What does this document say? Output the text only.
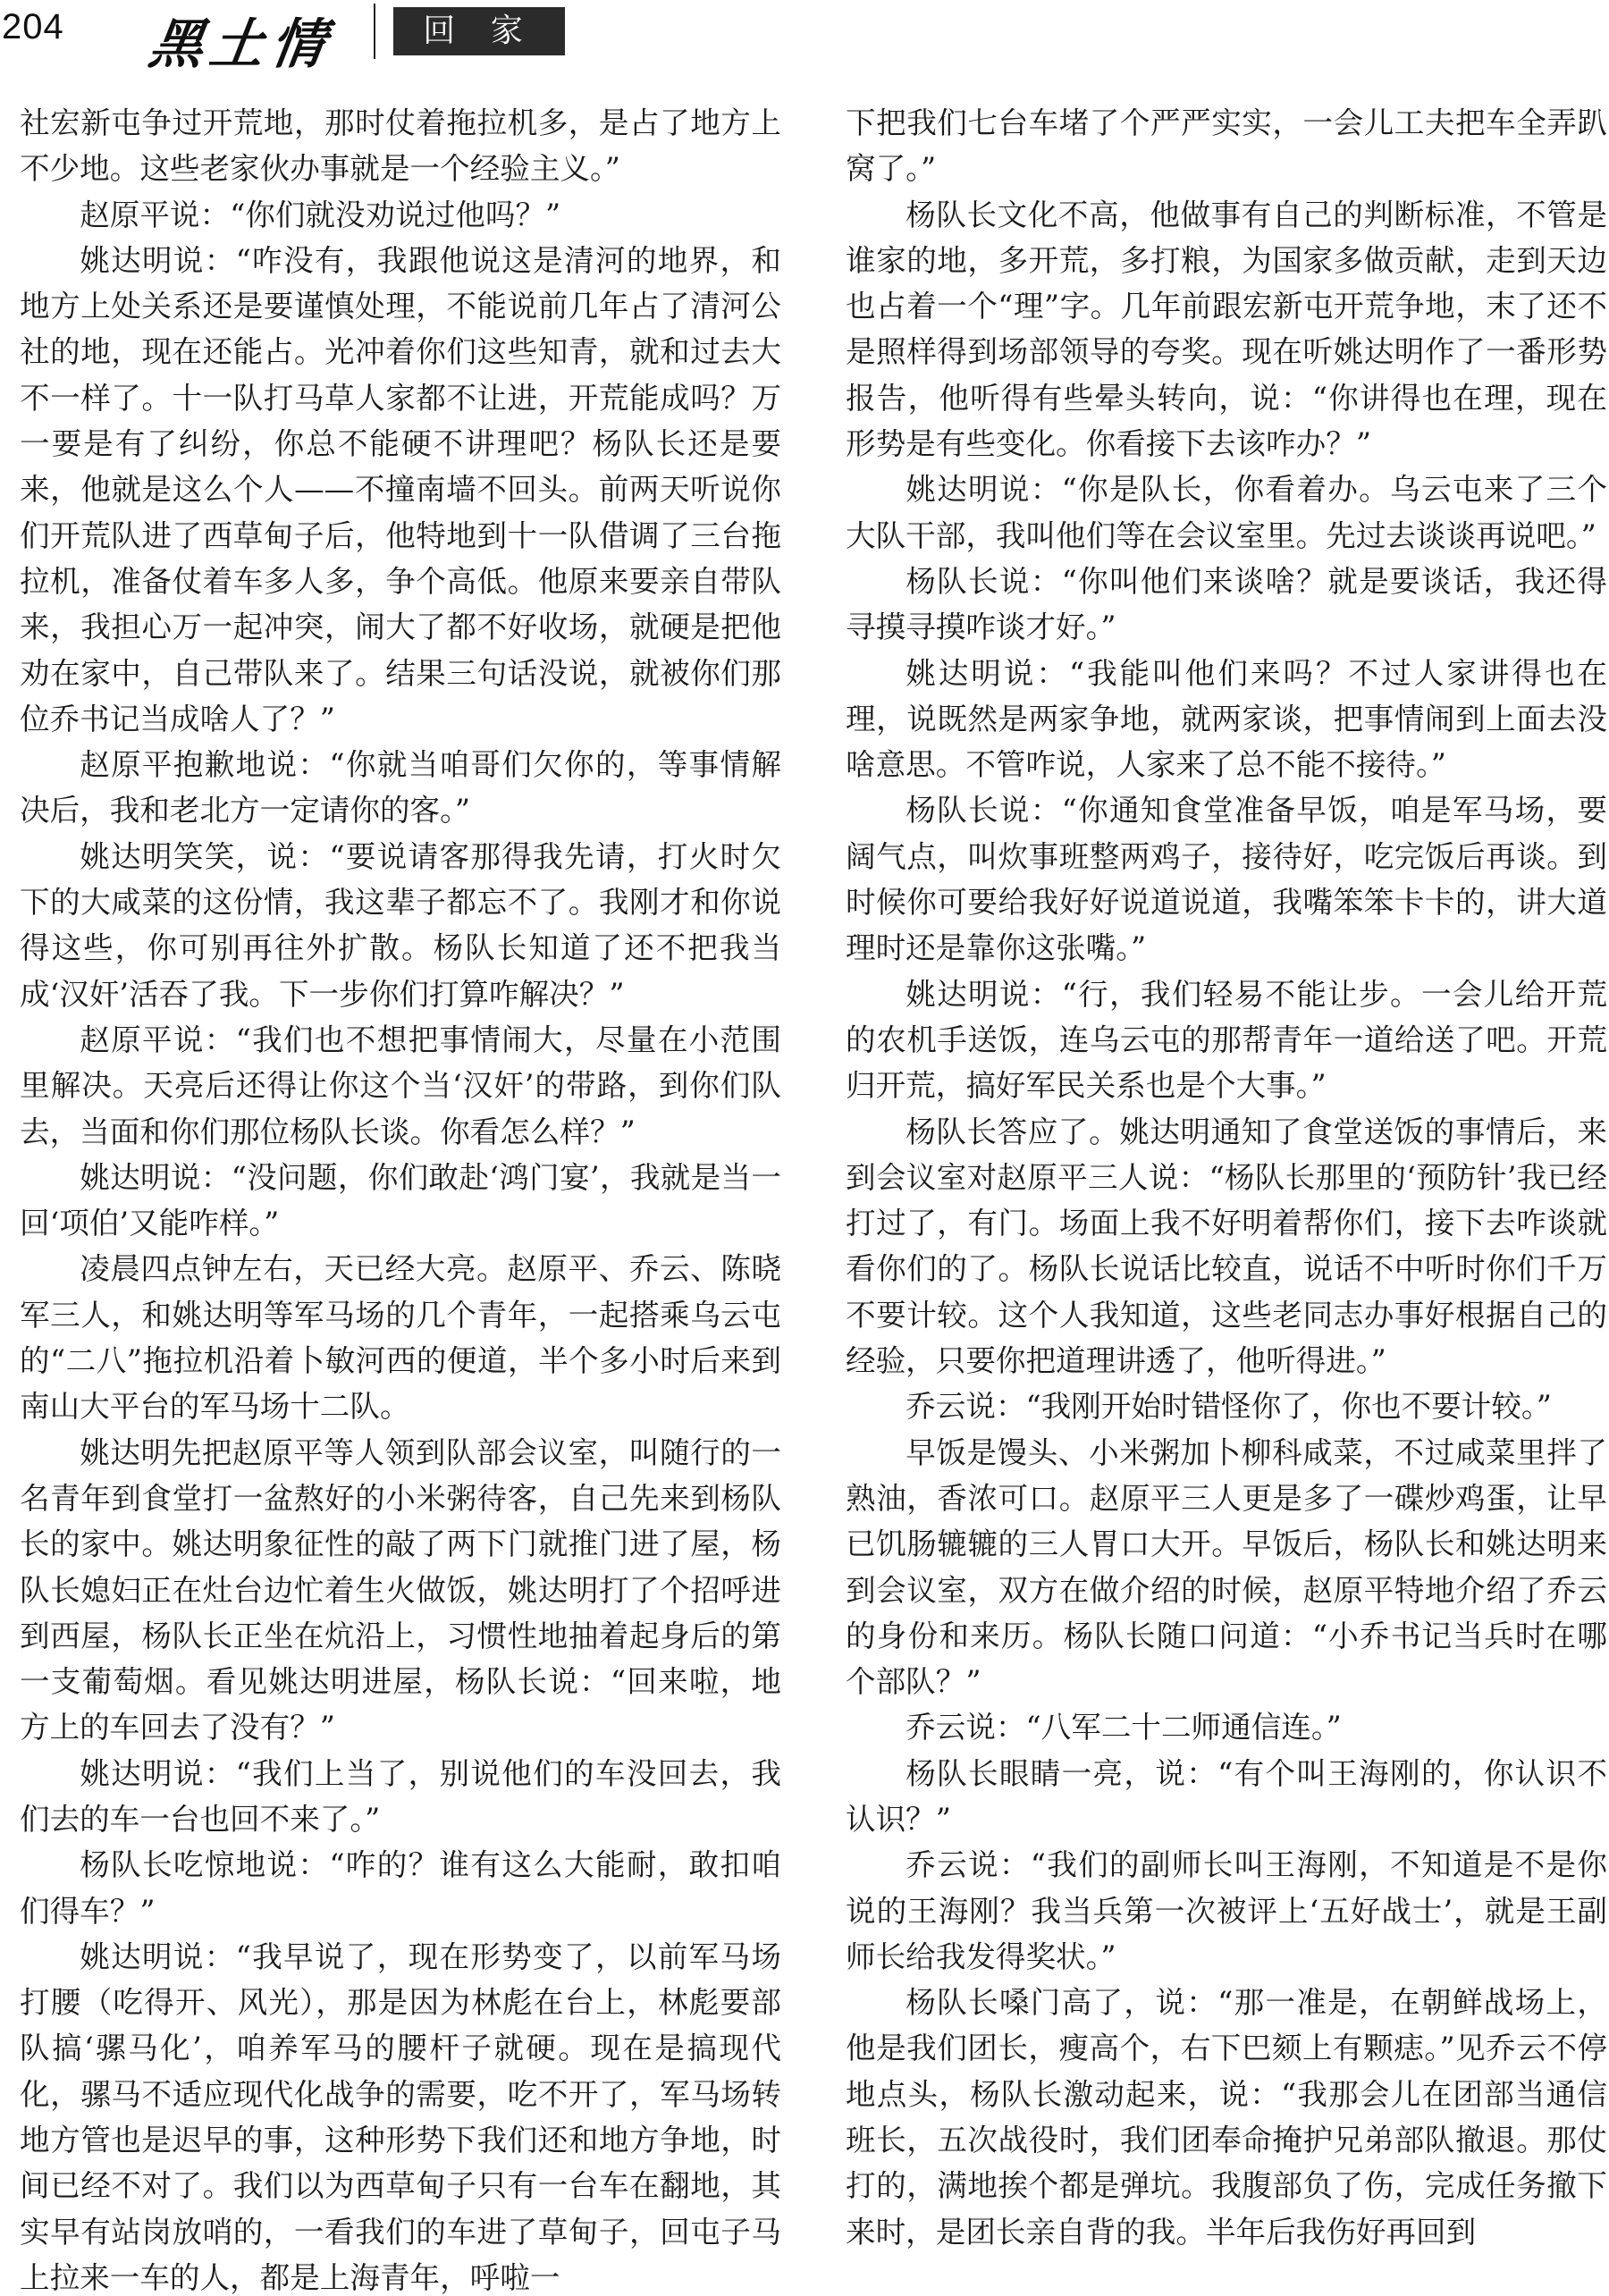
204 黑土情	回 家

社宏新屯争过开荒地，那时仗着拖拉机多，是占了地方上不少地。这些老家伙办事就是一个经验主义。”

赵原平说：“你们就没劝说过他吗？”

姚达明说：“咋没有，我跟他说这是清河的地界，和地方上处关系还是要谨慎处理，不能说前几年占了清河公社的地，现在还能占。光冲着你们这些知青，就和过去大不一样了。十一队打马草人家都不让进，开荒能成吗？万一要是有了纠纷，你总不能硬不讲理吧？杨队长还是要来，他就是这么个人——不撞南墙不回头。前两天听说你们开荒队进了西草甸子后，他特地到十一队借调了三台拖拉机，准备仗着车多人多，争个高低。他原来要亲自带队来，我担心万一起冲突，闹大了都不好收场，就硬是把他劝在家中，自己带队来了。结果三句话没说，就被你们那位乔书记当成啥人了？”

赵原平抱歉地说：“你就当咱哥们欠你的，等事情解决后，我和老北方一定请你的客。”

姚达明笑笑，说：“要说请客那得我先请，打火时欠下的大咸菜的这份情，我这辈子都忘不了。我刚才和你说得这些，你可别再往外扩散。杨队长知道了还不把我当成‘汉奸’活吞了我。下一步你们打算咋解决？”

赵原平说：“我们也不想把事情闹大，尽量在小范围里解决。天亮后还得让你这个当‘汉奸’的带路，到你们队去，当面和你们那位杨队长谈。你看怎么样？”

姚达明说：“没问题，你们敢赴‘鸿门宴’，我就是当一回‘项伯’又能咋样。”

凌晨四点钟左右，天已经大亮。赵原平、乔云、陈晓军三人，和姚达明等军马场的几个青年，一起搭乘乌云屯的“二八”拖拉机沿着卜敏河西的便道，半个多小时后来到南山大平台的军马场十二队。

姚达明先把赵原平等人领到队部会议室，叫随行的一名青年到食堂打一盆熬好的小米粥待客，自己先来到杨队长的家中。姚达明象征性的敲了两下门就推门进了屋，杨队长媳妇正在灶台边忙着生火做饭，姚达明打了个招呼进到西屋，杨队长正坐在炕沿上，习惯性地抽着起身后的第一支葡萄烟。看见姚达明进屋，杨队长说：“回来啦，地方上的车回去了没有？”

姚达明说：“我们上当了，别说他们的车没回去，我们去的车一台也回不来了。”

杨队长吃惊地说：“咋的？谁有这么大能耐，敢扣咱们得车？”

姚达明说：“我早说了，现在形势变了，以前军马场打腰（吃得开、风光），那是因为林彪在台上，林彪要部队搞‘骡马化’，咱养军马的腰杆子就硬。现在是搞现代化，骡马不适应现代化战争的需要，吃不开了，军马场转地方管也是迟早的事，这种形势下我们还和地方争地，时间已经不对了。我们以为西草甸子只有一台车在翻地，其实早有站岗放哨的，一看我们的车进了草甸子，回屯子马上拉来一车的人，都是上海青年，呼啦一

下把我们七台车堵了个严严实实，一会儿工夫把车全弄趴窝了。”

杨队长文化不高，他做事有自己的判断标准，不管是谁家的地，多开荒，多打粮，为国家多做贡献，走到天边也占着一个“理”字。几年前跟宏新屯开荒争地，末了还不是照样得到场部领导的夸奖。现在听姚达明作了一番形势报告，他听得有些晕头转向，说：“你讲得也在理，现在形势是有些变化。你看接下去该咋办？”

姚达明说：“你是队长，你看着办。乌云屯来了三个大队干部，我叫他们等在会议室里。先过去谈谈再说吧。”

杨队长说：“你叫他们来谈啥？就是要谈话，我还得寻摸寻摸咋谈才好。”

姚达明说：“我能叫他们来吗？不过人家讲得也在理，说既然是两家争地，就两家谈，把事情闹到上面去没啥意思。不管咋说，人家来了总不能不接待。”

杨队长说：“你通知食堂准备早饭，咱是军马场，要阔气点，叫炊事班整两鸡子，接待好，吃完饭后再谈。到时候你可要给我好好说道说道，我嘴笨笨卡卡的，讲大道理时还是靠你这张嘴。”

姚达明说：“行，我们轻易不能让步。一会儿给开荒的农机手送饭，连乌云屯的那帮青年一道给送了吧。开荒归开荒，搞好军民关系也是个大事。”

杨队长答应了。姚达明通知了食堂送饭的事情后，来到会议室对赵原平三人说：“杨队长那里的‘预防针’我已经打过了，有门。场面上我不好明着帮你们，接下去咋谈就看你们的了。杨队长说话比较直，说话不中听时你们千万不要计较。这个人我知道，这些老同志办事好根据自己的经验，只要你把道理讲透了，他听得进。”

乔云说：“我刚开始时错怪你了，你也不要计较。”

早饭是馒头、小米粥加卜柳科咸菜，不过咸菜里拌了熟油，香浓可口。赵原平三人更是多了一碟炒鸡蛋，让早已饥肠辘辘的三人胃口大开。早饭后，杨队长和姚达明来到会议室，双方在做介绍的时候，赵原平特地介绍了乔云的身份和来历。杨队长随口问道：“小乔书记当兵时在哪个部队？”

乔云说：“八军二十二师通信连。”

杨队长眼睛一亮，说：“有个叫王海刚的，你认识不认识？”

乔云说：“我们的副师长叫王海刚，不知道是不是你说的王海刚？我当兵第一次被评上‘五好战士’，就是王副师长给我发得奖状。”

杨队长嗓门高了，说：“那一准是，在朝鲜战场上，他是我们团长，瘦高个，右下巴颏上有颗痣。”见乔云不停地点头，杨队长激动起来，说：“我那会儿在团部当通信班长，五次战役时，我们团奉命掩护兄弟部队撤退。那仗打的，满地挨个都是弹坑。我腹部负了伤，完成任务撤下来时，是团长亲自背的我。半年后我伤好再回到
